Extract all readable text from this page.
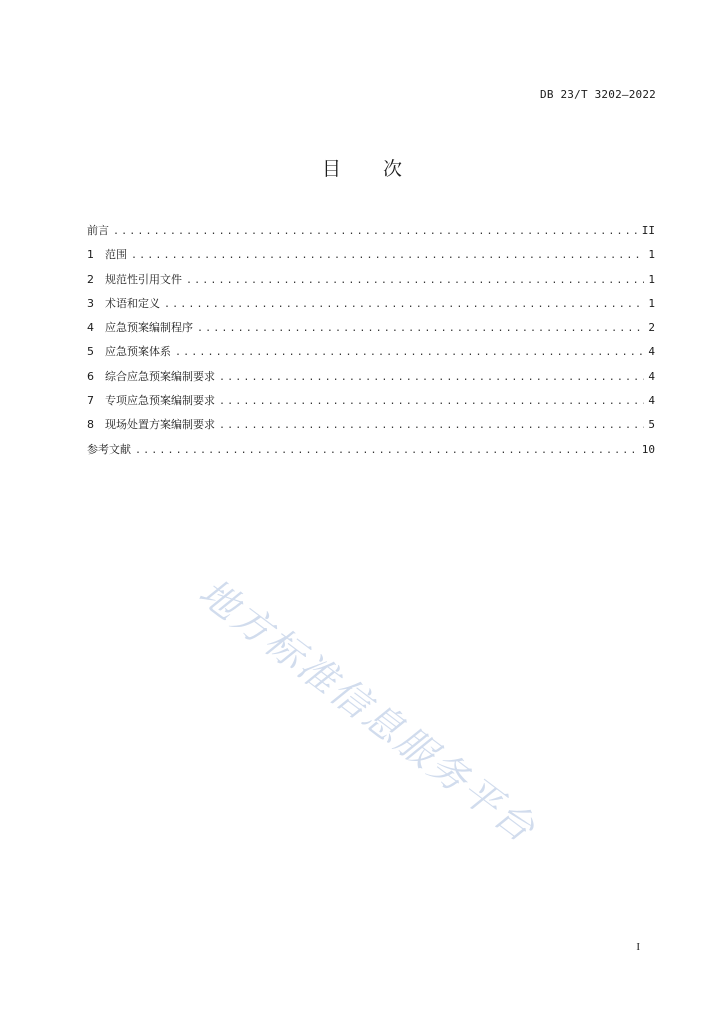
DB 23/T 3202—2022
目 次
前言 .....	II
1	范围 .....	1
2	规范性引用文件 .....	1
3	术语和定义 .....	1
4	应急预案编制程序 .....	2
5	应急预案体系 .....	4
6	综合应急预案编制要求 .....	4
7	专项应急预案编制要求 .....	4
8	现场处置方案编制要求 .....	5
参考文献 .....	10
地方标准信息服务平台
I
